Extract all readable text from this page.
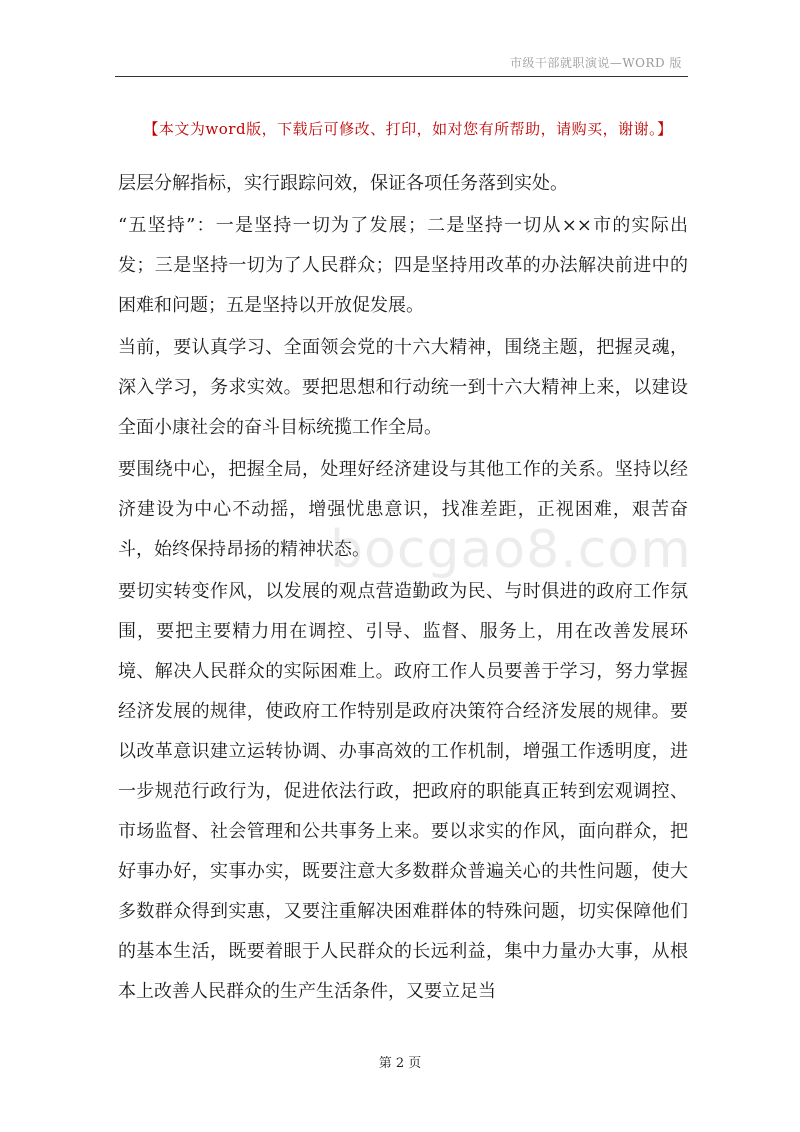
市级干部就职演说—WORD 版
【本文为word版，下载后可修改、打印，如对您有所帮助，请购买，谢谢。】

层层分解指标，实行跟踪问效，保证各项任务落到实处。

“五坚持”：一是坚持一切为了发展；二是坚持一切从××市的实际出发；三是坚持一切为了人民群众；四是坚持用改革的办法解决前进中的困难和问题；五是坚持以开放促发展。

当前，要认真学习、全面领会党的十六大精神，围绕主题，把握灵魂，深入学习，务求实效。要把思想和行动统一到十六大精神上来，以建设全面小康社会的奋斗目标统揽工作全局。

要围绕中心，把握全局，处理好经济建设与其他工作的关系。坚持以经济建设为中心不动摇，增强忧患意识，找准差距，正视困难，艰苦奋斗，始终保持昂扬的精神状态。

要切实转变作风，以发展的观点营造勤政为民、与时俱进的政府工作氛围，要把主要精力用在调控、引导、监督、服务上，用在改善发展环境、解决人民群众的实际困难上。政府工作人员要善于学习，努力掌握经济发展的规律，使政府工作特别是政府决策符合经济发展的规律。要以改革意识建立运转协调、办事高效的工作机制，增强工作透明度，进一步规范行政行为，促进依法行政，把政府的职能真正转到宏观调控、市场监督、社会管理和公共事务上来。要以求实的作风，面向群众，把好事办好，实事办实，既要注意大多数群众普遍关心的共性问题，使大多数群众得到实惠，又要注重解决困难群体的特殊问题，切实保障他们的基本生活，既要着眼于人民群众的长远利益，集中力量办大事，从根本上改善人民群众的生产生活条件，又要立足当

bocgao8.com
第 2 页
